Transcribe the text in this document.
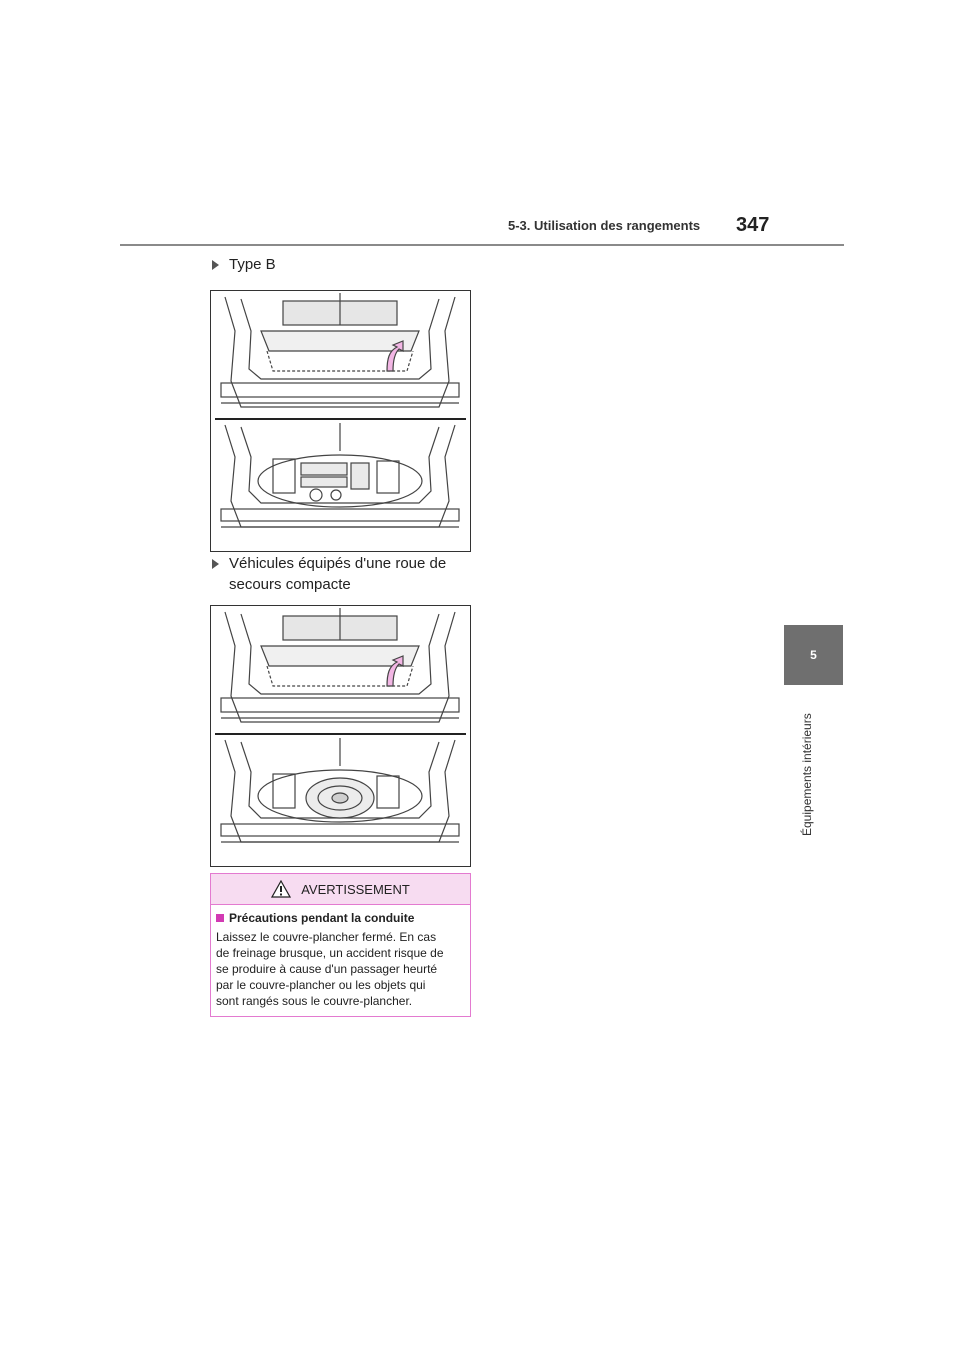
5-3. Utilisation des rangements 347
5
Équipements intérieurs
Type B
Véhicules équipés d'une roue de
secours compacte
AVERTISSEMENT
Précautions pendant la conduite
Laissez le couvre-plancher fermé. En cas
de freinage brusque, un accident risque de
se produire à cause d'un passager heurté
par le couvre-plancher ou les objets qui
sont rangés sous le couvre-plancher.
